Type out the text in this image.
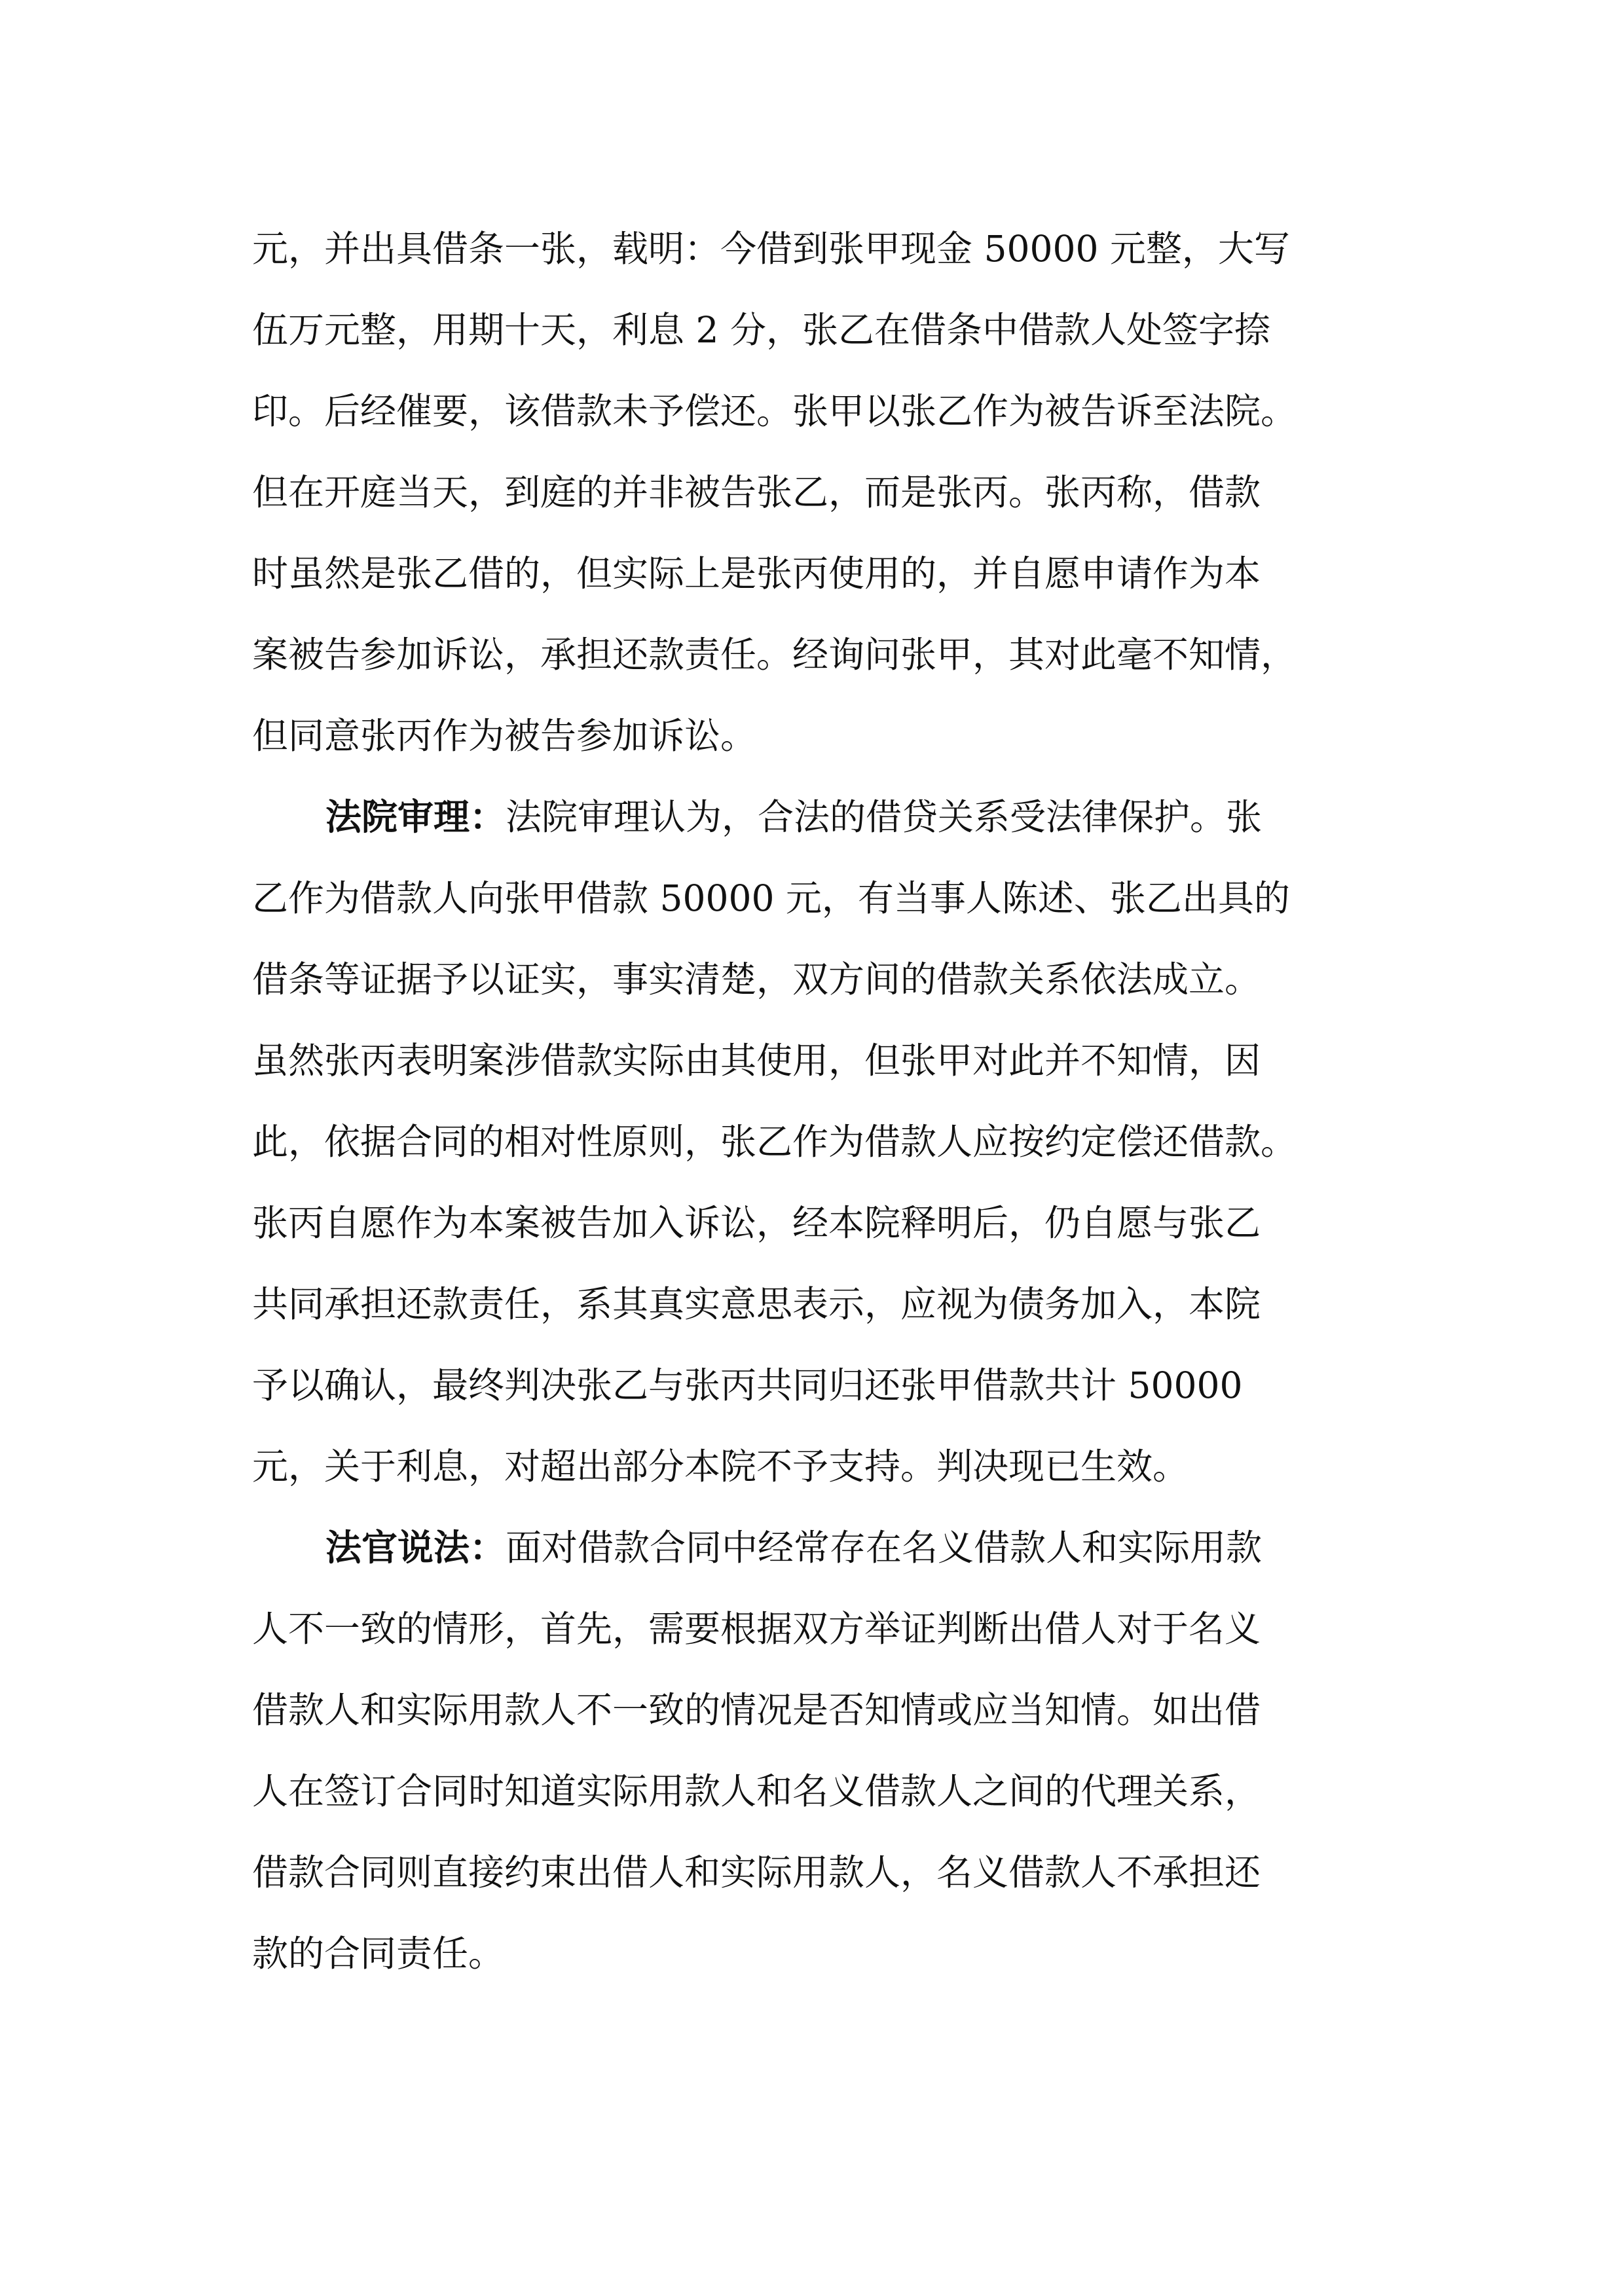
元，并出具借条一张，载明：今借到张甲现金 50000 元整，大写
伍万元整，用期十天，利息 2 分，张乙在借条中借款人处签字捺
印。后经催要，该借款未予偿还。张甲以张乙作为被告诉至法院。
但在开庭当天，到庭的并非被告张乙，而是张丙。张丙称，借款
时虽然是张乙借的，但实际上是张丙使用的，并自愿申请作为本
案被告参加诉讼，承担还款责任。经询问张甲，其对此毫不知情，
但同意张丙作为被告参加诉讼。
法院审理：法院审理认为，合法的借贷关系受法律保护。张
乙作为借款人向张甲借款 50000 元，有当事人陈述、张乙出具的
借条等证据予以证实，事实清楚，双方间的借款关系依法成立。
虽然张丙表明案涉借款实际由其使用，但张甲对此并不知情，因
此，依据合同的相对性原则，张乙作为借款人应按约定偿还借款。
张丙自愿作为本案被告加入诉讼，经本院释明后，仍自愿与张乙
共同承担还款责任，系其真实意思表示，应视为债务加入，本院
予以确认，最终判决张乙与张丙共同归还张甲借款共计 50000
元，关于利息，对超出部分本院不予支持。判决现已生效。
法官说法：面对借款合同中经常存在名义借款人和实际用款
人不一致的情形，首先，需要根据双方举证判断出借人对于名义
借款人和实际用款人不一致的情况是否知情或应当知情。如出借
人在签订合同时知道实际用款人和名义借款人之间的代理关系，
借款合同则直接约束出借人和实际用款人，名义借款人不承担还
款的合同责任。
